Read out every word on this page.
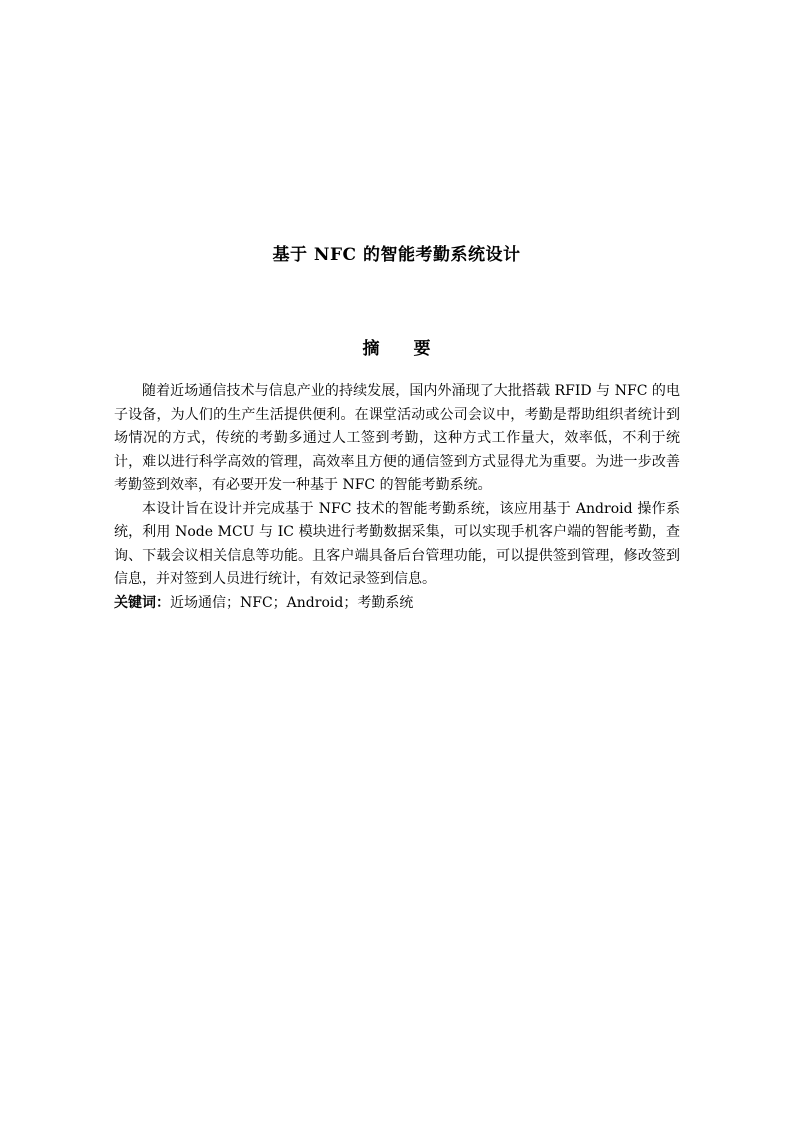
基于 NFC 的智能考勤系统设计
摘 要

随着近场通信技术与信息产业的持续发展，国内外涌现了大批搭载 RFID 与 NFC 的电子设备，为人们的生产生活提供便利。在课堂活动或公司会议中，考勤是帮助组织者统计到场情况的方式，传统的考勤多通过人工签到考勤，这种方式工作量大，效率低，不利于统计，难以进行科学高效的管理，高效率且方便的通信签到方式显得尤为重要。为进一步改善考勤签到效率，有必要开发一种基于 NFC 的智能考勤系统。

本设计旨在设计并完成基于 NFC 技术的智能考勤系统，该应用基于 Android 操作系统，利用 Node MCU 与 IC 模块进行考勤数据采集，可以实现手机客户端的智能考勤，查询、下载会议相关信息等功能。且客户端具备后台管理功能，可以提供签到管理，修改签到信息，并对签到人员进行统计，有效记录签到信息。

关键词：近场通信；NFC；Android；考勤系统
